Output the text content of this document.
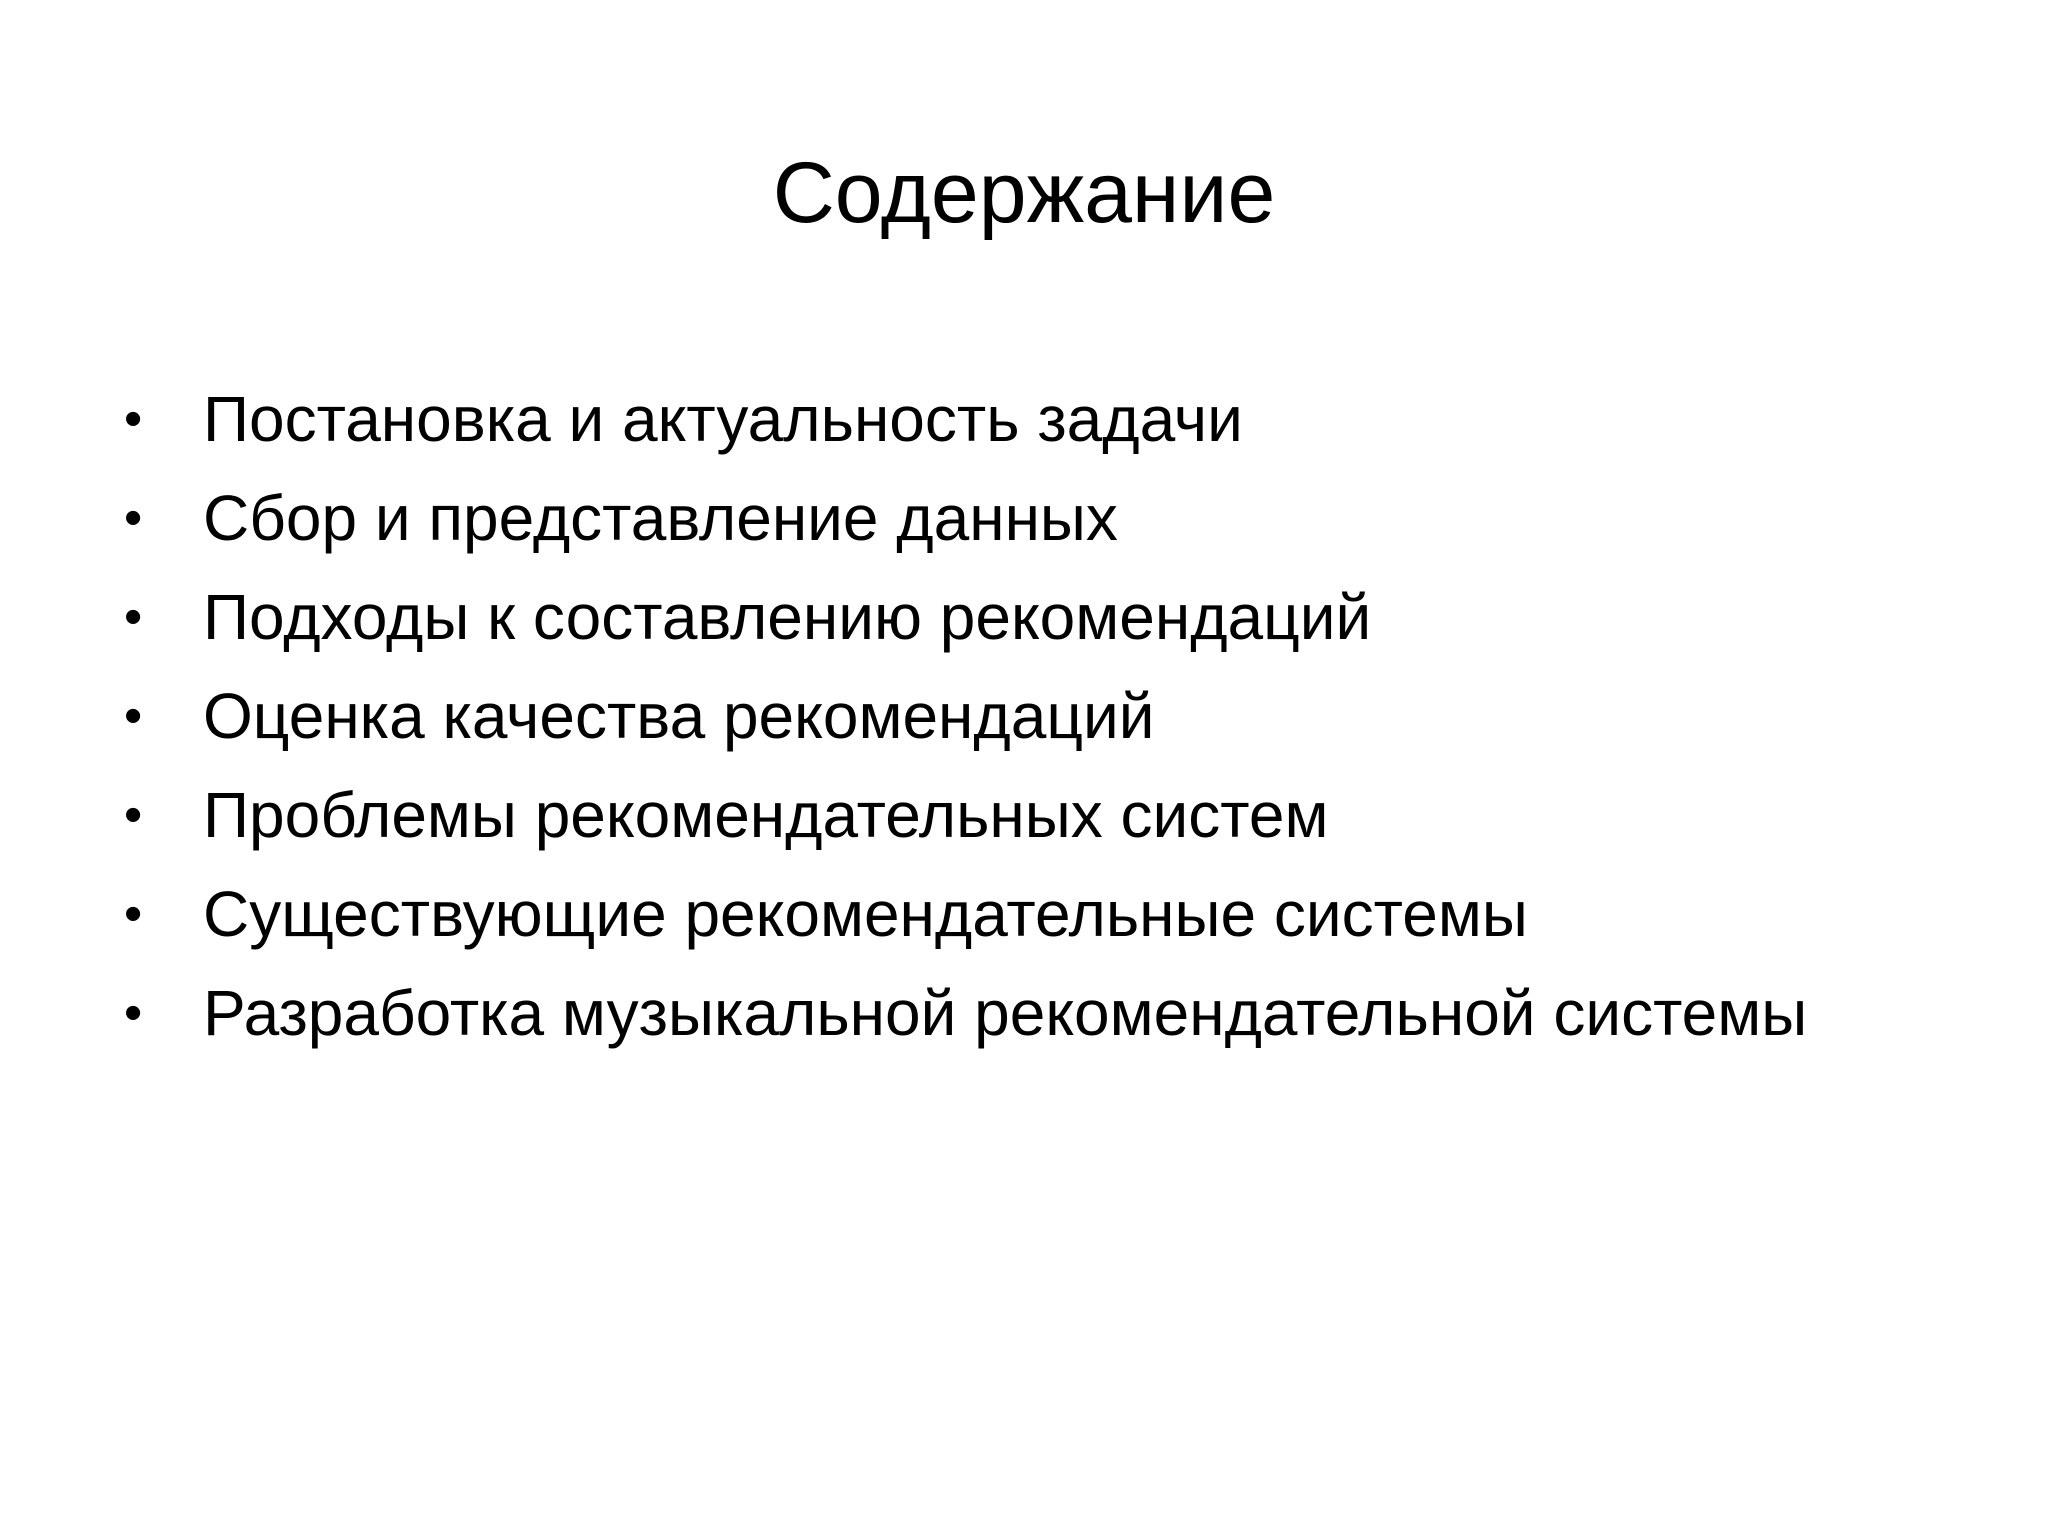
Содержание
• Постановка и актуальность задачи
• Сбор и представление данных
• Подходы к составлению рекомендаций
• Оценка качества рекомендаций
• Проблемы рекомендательных систем
• Существующие рекомендательные системы
• Разработка музыкальной рекомендательной системы
